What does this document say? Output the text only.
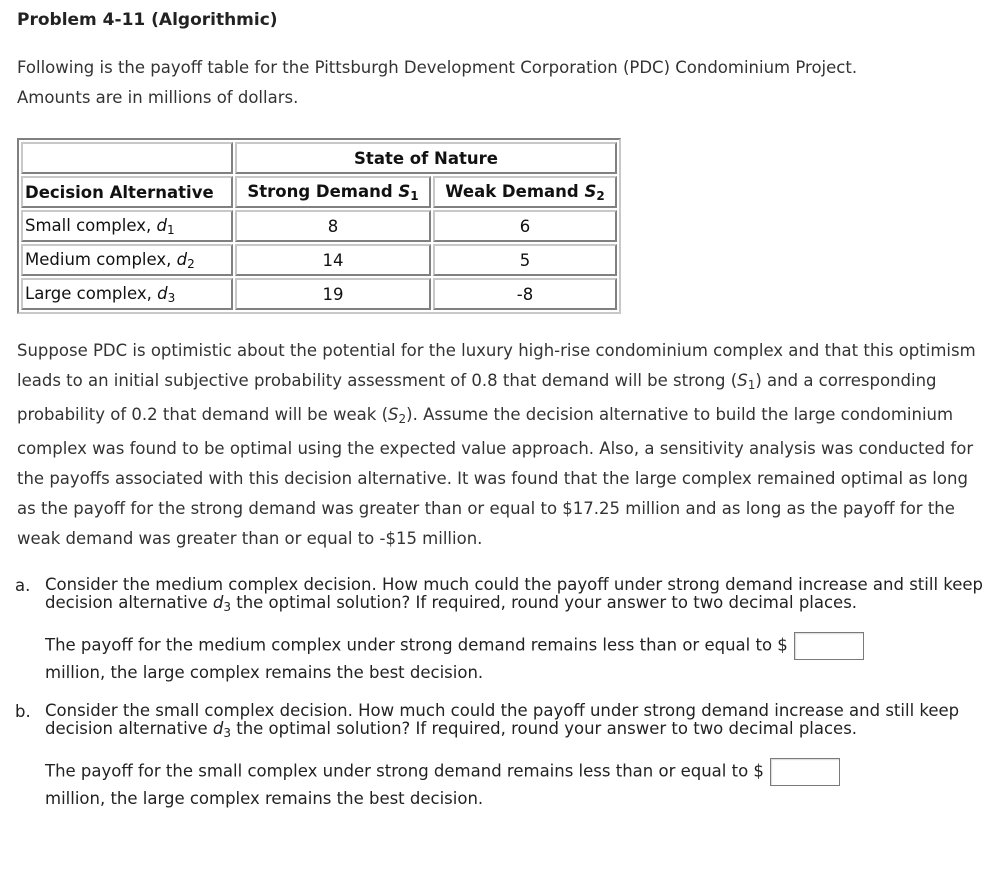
Problem 4-11 (Algorithmic)
Following is the payoff table for the Pittsburgh Development Corporation (PDC) Condominium Project.
Amounts are in millions of dollars.
	State of Nature	
Decision Alternative	Strong Demand $S_1$	Weak Demand $S_2$
Small complex, $d_1$	8	6
Medium complex, $d_2$	14	5
Large complex, $d_3$	19	-8

Suppose PDC is optimistic about the potential for the luxury high-rise condominium complex and that this optimism leads to an initial subjective probability assessment of 0.8 that demand will be strong $(S_1)$ and a corresponding probability of 0.2 that demand will be weak $(S_2)$. Assume the decision alternative to build the large condominium complex was found to be optimal using the expected value approach. Also, a sensitivity analysis was conducted for the payoffs associated with this decision alternative. It was found that the large complex remained optimal as long as the payoff for the strong demand was greater than or equal to $17.25 million and as long as the payoff for the weak demand was greater than or equal to -$15 million.

a. Consider the medium complex decision. How much could the payoff under strong demand increase and still keep decision alternative $d_3$ the optimal solution? If required, round your answer to two decimal places.
The payoff for the medium complex under strong demand remains less than or equal to $
million, the large complex remains the best decision.
b. Consider the small complex decision. How much could the payoff under strong demand increase and still keep decision alternative $d_3$ the optimal solution? If required, round your answer to two decimal places.
The payoff for the small complex under strong demand remains less than or equal to $
million, the large complex remains the best decision.
